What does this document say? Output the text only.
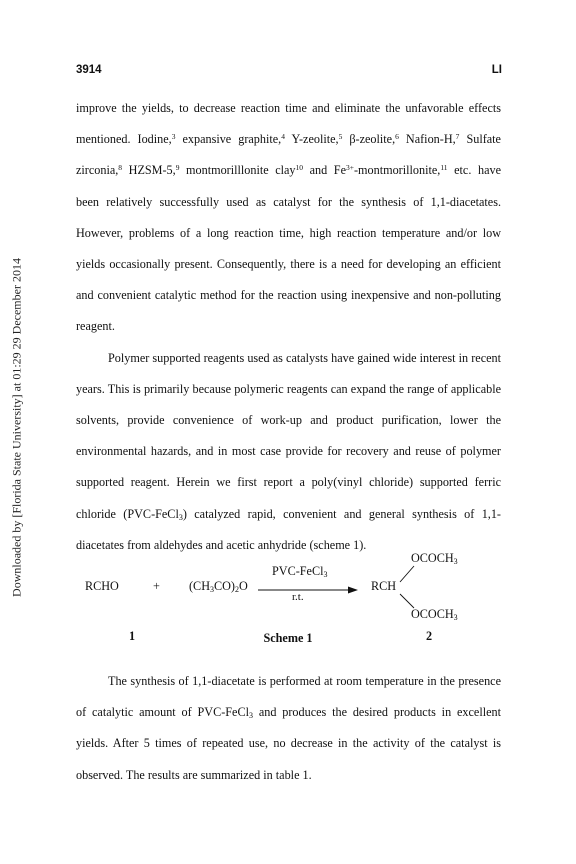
Downloaded by [Florida State University] at 01:29 29 December 2014
3914	LI

improve the yields, to decrease reaction time and eliminate the unfavorable effects mentioned. Iodine,$^3$ expansive graphite,$^4$ Y-zeolite,$^5$ β-zeolite,$^6$ Nafion-H,$^7$ Sulfate zirconia,$^8$ HZSM-5,$^9$ montmorilllonite clay$^{10}$ and $Fe^{3+}-montmorillonite,^{11}$ etc. have been relatively successfully used as catalyst for the synthesis of 1,1-diacetates. However, problems of a long reaction time, high reaction temperature and/or low yields occasionally present. Consequently, there is a need for developing an efficient and convenient catalytic method for the reaction using inexpensive and non-polluting reagent.

Polymer supported reagents used as catalysts have gained wide interest in recent years. This is primarily because polymeric reagents can expand the range of applicable solvents, provide convenience of work-up and product purification, lower the environmental hazards, and in most case provide for recovery and reuse of polymer supported reagent. Herein we first report a poly(vinyl chloride) supported ferric chloride (PVC-FeCl$_3$) catalyzed rapid, convenient and general synthesis of 1,1-diacetates from aldehydes and acetic anhydride (scheme 1).

RCHO	+ $(CH_3CO)_2O$
PVC-FeCl$_3$
r.t.
RCH
$OCOCH_3$
$OCOCH_3$
1	2
Scheme 1

The synthesis of 1,1-diacetate is performed at room temperature in the presence of catalytic amount of PVC-FeCl$_3$ and produces the desired products in excellent yields. After 5 times of repeated use, no decrease in the activity of the catalyst is observed. The results are summarized in table 1.
